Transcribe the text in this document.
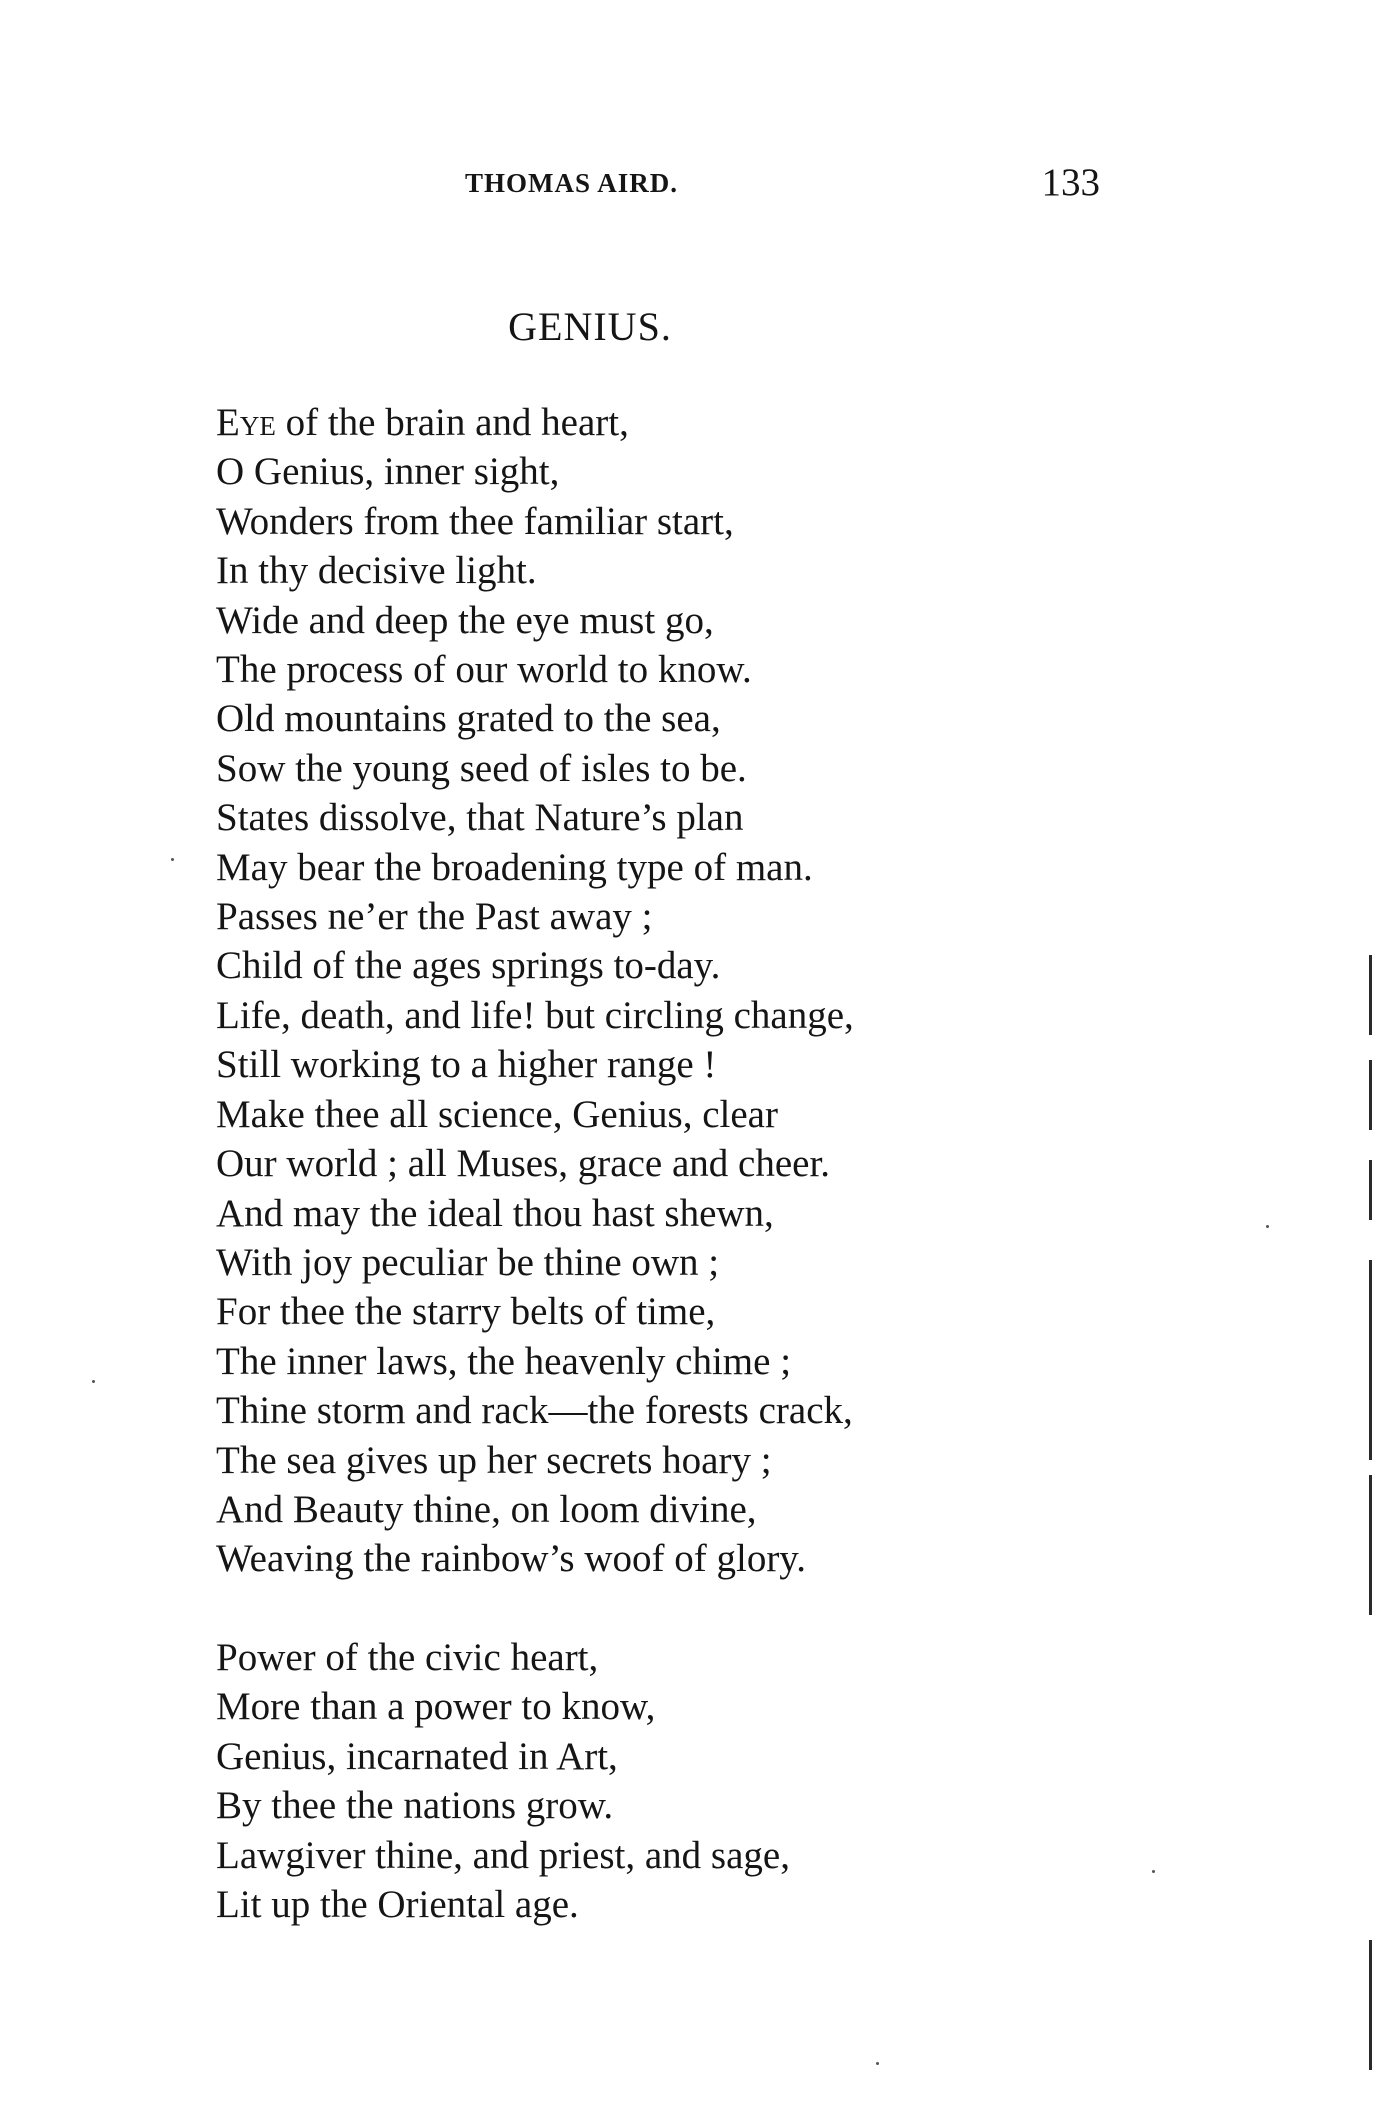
THOMAS AIRD.	133
GENIUS.
Eye of the brain and heart,
O Genius, inner sight,
Wonders from thee familiar start,
In thy decisive light.
Wide and deep the eye must go,
The process of our world to know.
Old mountains grated to the sea,
Sow the young seed of isles to be.
States dissolve, that Nature’s plan
May bear the broadening type of man.
Passes ne’er the Past away ;
Child of the ages springs to-day.
Life, death, and life! but circling change,
Still working to a higher range !
Make thee all science, Genius, clear
Our world ; all Muses, grace and cheer.
And may the ideal thou hast shewn,
With joy peculiar be thine own ;
For thee the starry belts of time,
The inner laws, the heavenly chime ;
Thine storm and rack—the forests crack,
The sea gives up her secrets hoary ;
And Beauty thine, on loom divine,
Weaving the rainbow’s woof of glory.
Power of the civic heart,
More than a power to know,
Genius, incarnated in Art,
By thee the nations grow.
Lawgiver thine, and priest, and sage,
Lit up the Oriental age.
